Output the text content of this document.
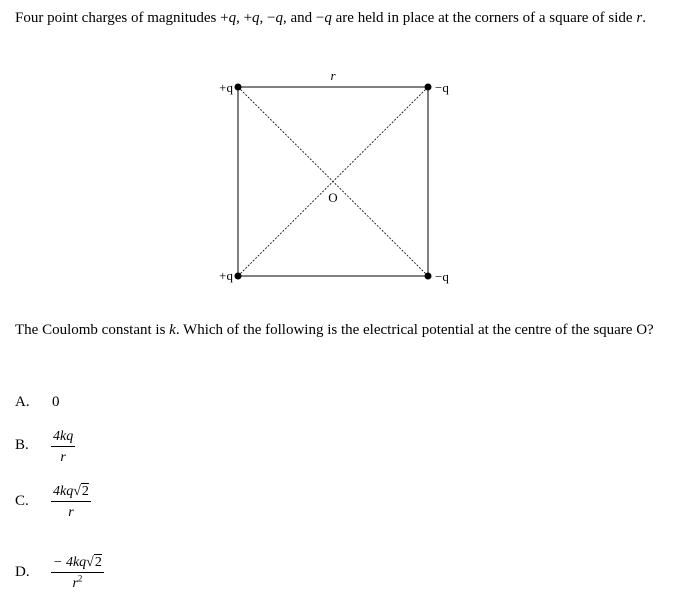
Four point charges of magnitudes +q, +q, −q, and −q are held in place at the corners of a square of side r.
r
+q	−q
+q	−q
O
The Coulomb constant is k. Which of the following is the electrical potential at the centre of the square O?
A. 0
B. $\frac{4kq}{r}$
C. $\frac{4kq√2}{r}$
D. $\frac{- 4kq√2}{r^2}$
